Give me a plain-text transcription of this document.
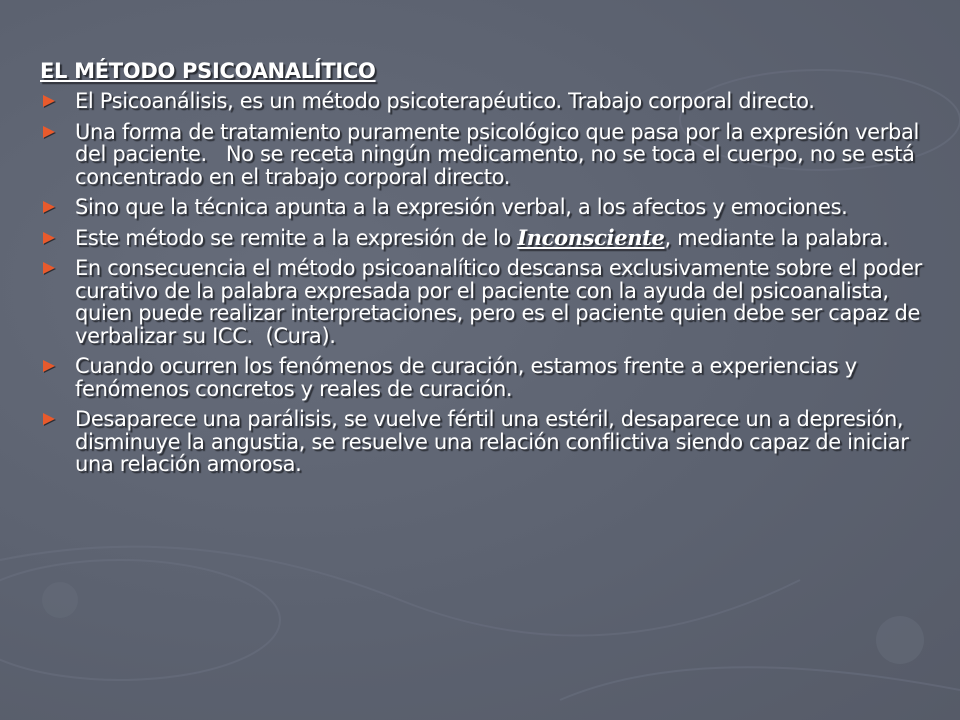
EL MÉTODO PSICOANALÍTICO
El Psicoanálisis, es un método psicoterapéutico. Trabajo corporal directo.
Una forma de tratamiento puramente psicológico que pasa por la expresión verbal del paciente.   No se receta ningún medicamento, no se toca el cuerpo, no se está concentrado en el trabajo corporal directo.
Sino que la técnica apunta a la expresión verbal, a los afectos y emociones.
Este método se remite a la expresión de lo Inconsciente, mediante la palabra.
En consecuencia el método psicoanalítico descansa exclusivamente sobre el poder curativo de la palabra expresada por el paciente con la ayuda del psicoanalista, quien puede realizar interpretaciones, pero es el paciente quien debe ser capaz de verbalizar su ICC.  (Cura).
Cuando ocurren los fenómenos de curación, estamos frente a experiencias y fenómenos concretos y reales de curación.
Desaparece una parálisis, se vuelve fértil una estéril, desaparece un a depresión, disminuye la angustia, se resuelve una relación conflictiva siendo capaz de iniciar una relación amorosa.
